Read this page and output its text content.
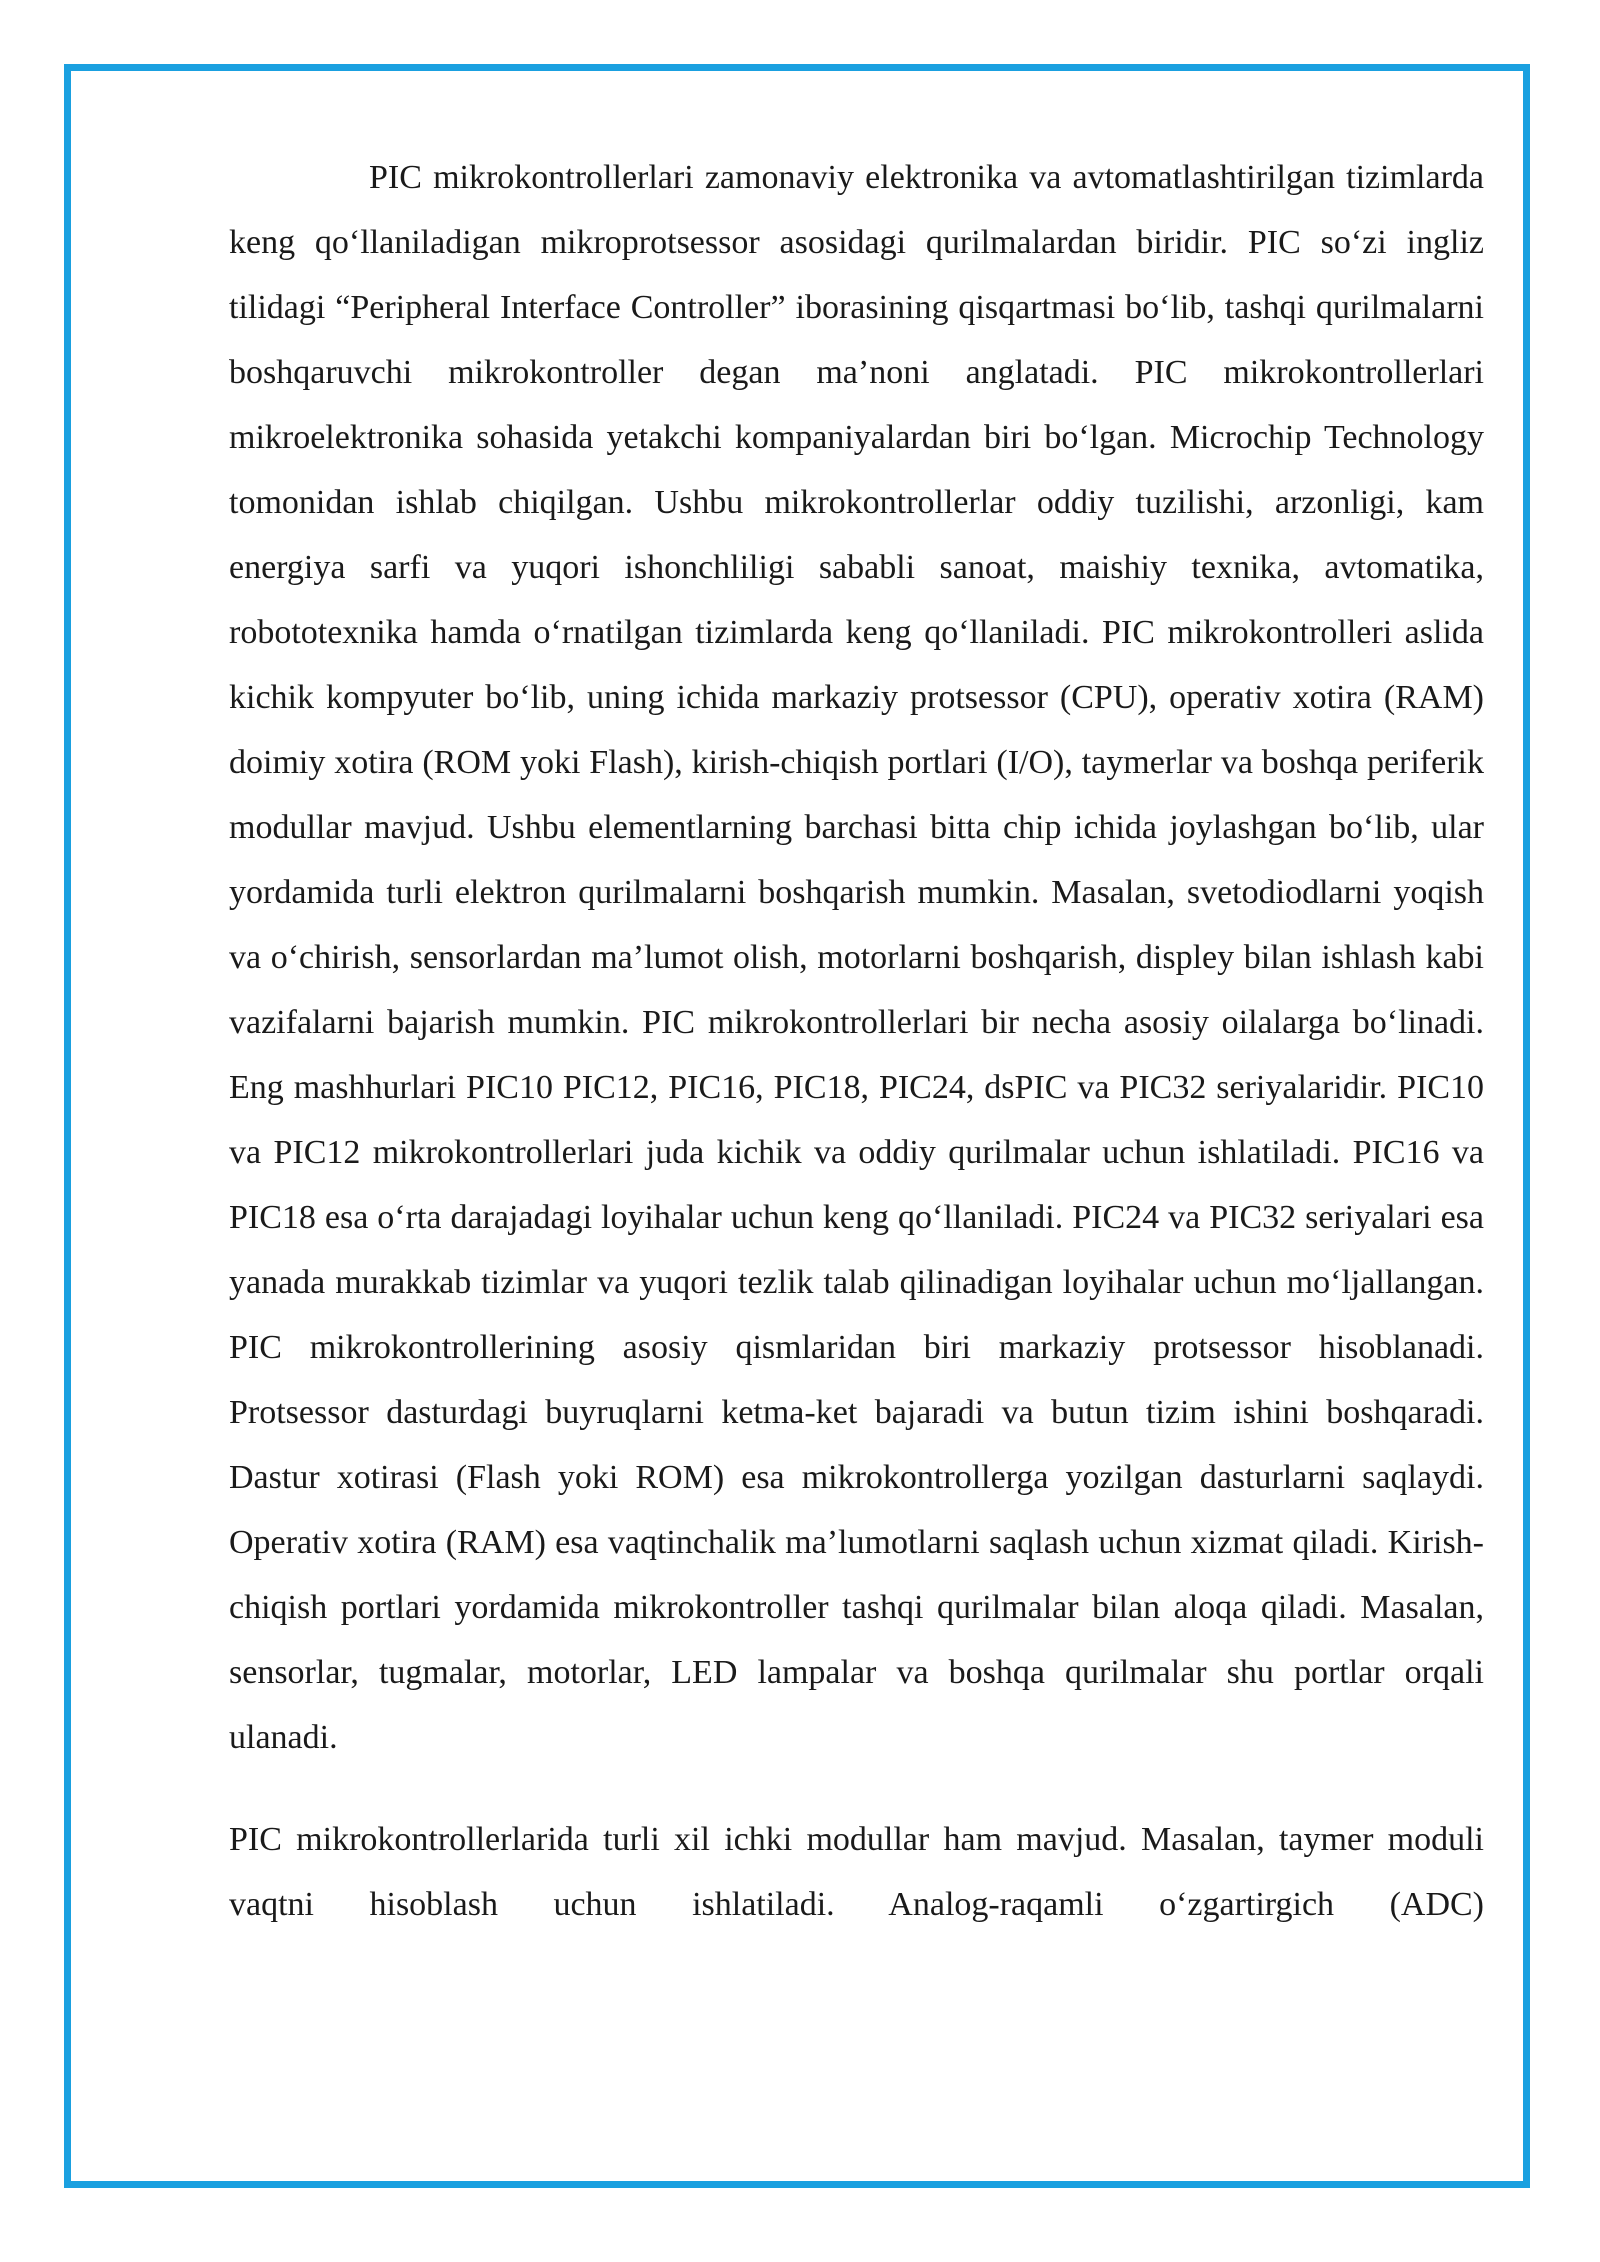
PIC mikrokontrollerlari zamonaviy elektronika va avtomatlashtirilgan tizimlarda keng qo‘llaniladigan mikroprotsessor asosidagi qurilmalardan biridir. PIC so‘zi ingliz tilidagi “Peripheral Interface Controller” iborasining qisqartmasi bo‘lib, tashqi qurilmalarni boshqaruvchi mikrokontroller degan ma’noni anglatadi. PIC mikrokontrollerlari mikroelektronika sohasida yetakchi kompaniyalardan biri bo‘lgan. Microchip Technology tomonidan ishlab chiqilgan. Ushbu mikrokontrollerlar oddiy tuzilishi, arzonligi, kam energiya sarfi va yuqori ishonchliligi sababli sanoat, maishiy texnika, avtomatika, robototexnika hamda o‘rnatilgan tizimlarda keng qo‘llaniladi. PIC mikrokontrolleri aslida kichik kompyuter bo‘lib, uning ichida markaziy protsessor (CPU), operativ xotira (RAM) doimiy xotira (ROM yoki Flash), kirish-chiqish portlari (I/O), taymerlar va boshqa periferik modullar mavjud. Ushbu elementlarning barchasi bitta chip ichida joylashgan bo‘lib, ular yordamida turli elektron qurilmalarni boshqarish mumkin. Masalan, svetodiodlarni yoqish va o‘chirish, sensorlardan ma’lumot olish, motorlarni boshqarish, displey bilan ishlash kabi vazifalarni bajarish mumkin. PIC mikrokontrollerlari bir necha asosiy oilalarga bo‘linadi. Eng mashhurlari PIC10 PIC12, PIC16, PIC18, PIC24, dsPIC va PIC32 seriyalaridir. PIC10 va PIC12 mikrokontrollerlari juda kichik va oddiy qurilmalar uchun ishlatiladi. PIC16 va PIC18 esa o‘rta darajadagi loyihalar uchun keng qo‘llaniladi. PIC24 va PIC32 seriyalari esa yanada murakkab tizimlar va yuqori tezlik talab qilinadigan loyihalar uchun mo‘ljallangan. PIC mikrokontrollerining asosiy qismlaridan biri markaziy protsessor hisoblanadi. Protsessor dasturdagi buyruqlarni ketma-ket bajaradi va butun tizim ishini boshqaradi. Dastur xotirasi (Flash yoki ROM) esa mikrokontrollerga yozilgan dasturlarni saqlaydi. Operativ xotira (RAM) esa vaqtinchalik ma’lumotlarni saqlash uchun xizmat qiladi. Kirish-chiqish portlari yordamida mikrokontroller tashqi qurilmalar bilan aloqa qiladi. Masalan, sensorlar, tugmalar, motorlar, LED lampalar va boshqa qurilmalar shu portlar orqali ulanadi.

PIC mikrokontrollerlarida turli xil ichki modullar ham mavjud. Masalan, taymer moduli vaqtni hisoblash uchun ishlatiladi. Analog-raqamli o‘zgartirgich (ADC)
